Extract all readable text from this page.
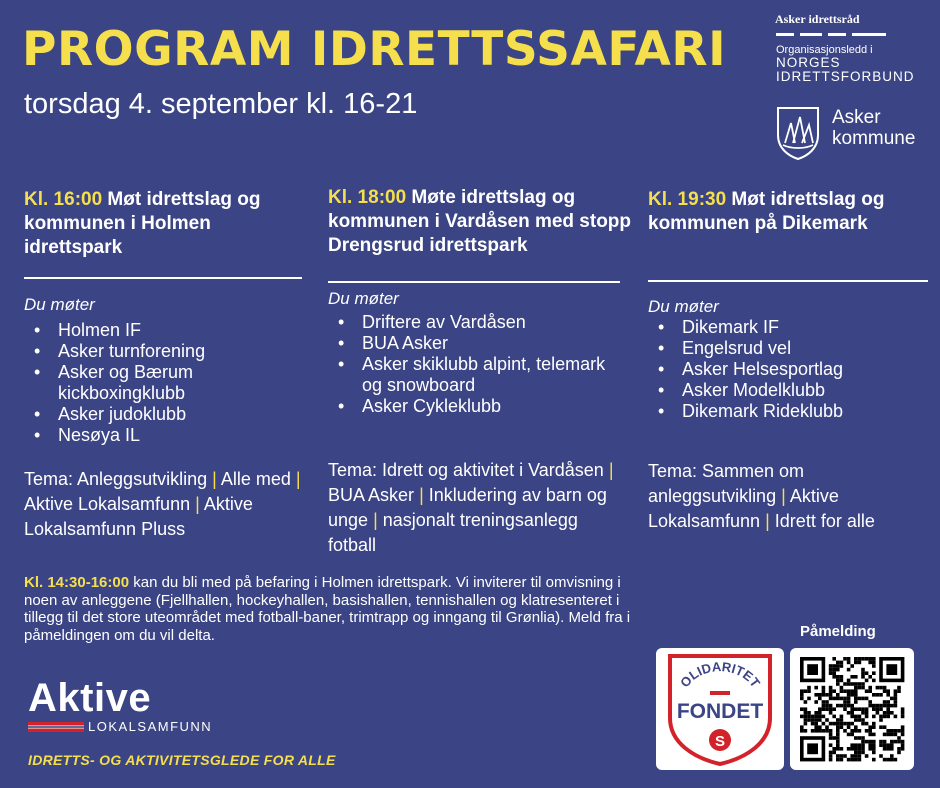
PROGRAM IDRETTSSAFARI
torsdag 4. september kl. 16-21
Asker idrettsråd
Organisasjonsledd i
NORGES
IDRETTSFORBUND
Asker
kommune
Kl. 16:00 Møt idrettslag og kommunen i Holmen idrettspark
Du møter
• Holmen IF
• Asker turnforening
• Asker og Bærum kickboxingklubb
• Asker judoklubb
• Nesøya IL
Tema: Anleggsutvikling | Alle med | Aktive Lokalsamfunn | Aktive Lokalsamfunn Pluss
Kl. 18:00 Møte idrettslag og kommunen i Vardåsen med stopp Drengsrud idrettspark
Du møter
• Driftere av Vardåsen
• BUA Asker
• Asker skiklubb alpint, telemark og snowboard
• Asker Cykleklubb
Tema: Idrett og aktivitet i Vardåsen | BUA Asker | Inkludering av barn og unge | nasjonalt treningsanlegg fotball
Kl. 19:30 Møt idrettslag og kommunen på Dikemark
Du møter
• Dikemark IF
• Engelsrud vel
• Asker Helsesportlag
• Asker Modelklubb
• Dikemark Rideklubb
Tema: Sammen om anleggsutvikling | Aktive Lokalsamfunn | Idrett for alle
Kl. 14:30-16:00 kan du bli med på befaring i Holmen idrettspark. Vi inviterer til omvisning i noen av anleggene (Fjellhallen, hockeyhallen, basishallen, tennishallen og klatresenteret i tillegg til det store uteområdet med fotball-baner, trimtrapp og inngang til Grønlia). Meld fra i påmeldingen om du vil delta.
Aktive
LOKALSAMFUNN
IDRETTS- OG AKTIVITETSGLEDE FOR ALLE
Påmelding
OLIDARITET
FONDET
S
